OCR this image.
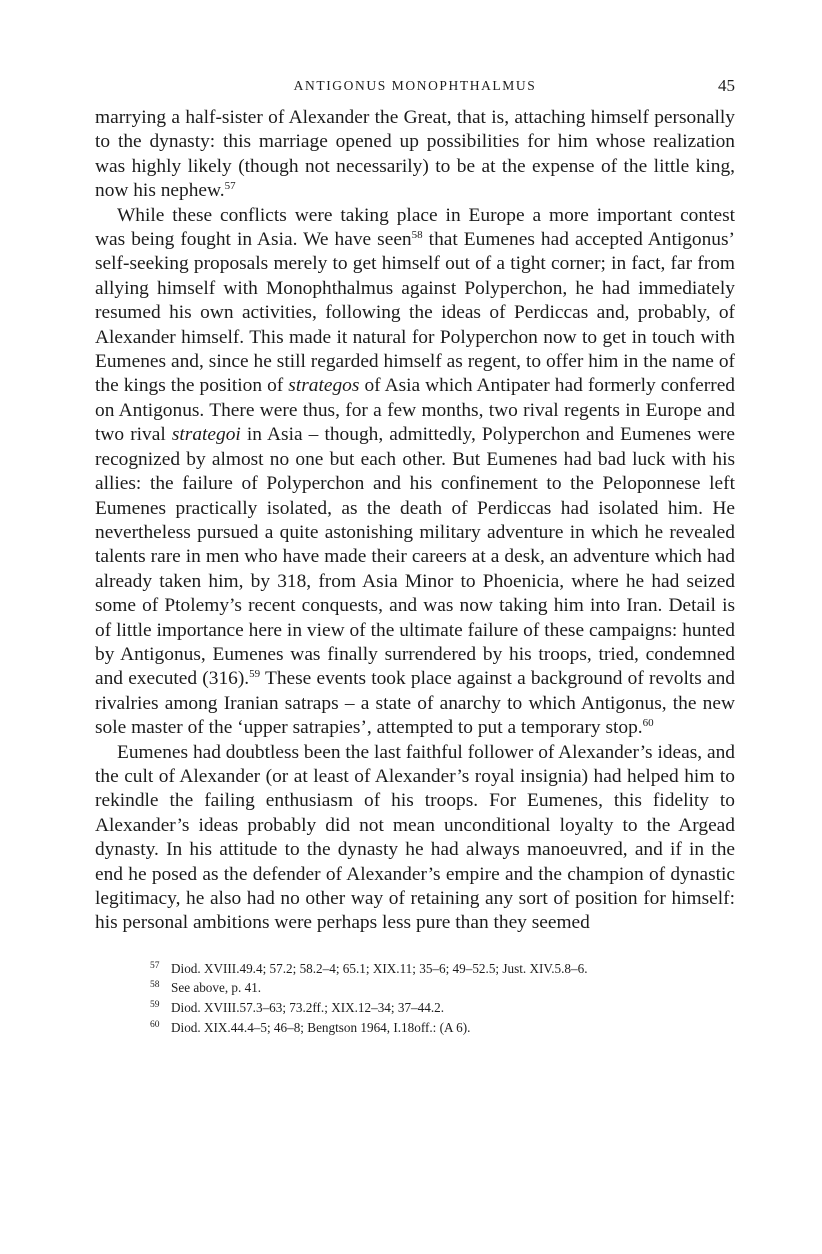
ANTIGONUS MONOPHTHALMUS	45

marrying a half-sister of Alexander the Great, that is, attaching himself personally to the dynasty: this marriage opened up possibilities for him whose realization was highly likely (though not necessarily) to be at the expense of the little king, now his nephew.$^{57}$

While these conflicts were taking place in Europe a more important contest was being fought in Asia. We have seen$^{58}$ that Eumenes had accepted Antigonus’ self-seeking proposals merely to get himself out of a tight corner; in fact, far from allying himself with Monophthalmus against Polyperchon, he had immediately resumed his own activities, following the ideas of Perdiccas and, probably, of Alexander himself. This made it natural for Polyperchon now to get in touch with Eumenes and, since he still regarded himself as regent, to offer him in the name of the kings the position of strategos of Asia which Antipater had formerly conferred on Antigonus. There were thus, for a few months, two rival regents in Europe and two rival strategoi in Asia – though, admittedly, Polyperchon and Eumenes were recognized by almost no one but each other. But Eumenes had bad luck with his allies: the failure of Polyperchon and his confinement to the Peloponnese left Eumenes practically isolated, as the death of Perdiccas had isolated him. He nevertheless pursued a quite astonishing military adventure in which he revealed talents rare in men who have made their careers at a desk, an adventure which had already taken him, by 318, from Asia Minor to Phoenicia, where he had seized some of Ptolemy’s recent conquests, and was now taking him into Iran. Detail is of little importance here in view of the ultimate failure of these campaigns: hunted by Antigonus, Eumenes was finally surrendered by his troops, tried, condemned and executed (316).$^{59}$ These events took place against a background of revolts and rivalries among Iranian satraps – a state of anarchy to which Antigonus, the new sole master of the ‘upper satrapies’, attempted to put a temporary stop.$^{60}$

Eumenes had doubtless been the last faithful follower of Alexander’s ideas, and the cult of Alexander (or at least of Alexander’s royal insignia) had helped him to rekindle the failing enthusiasm of his troops. For Eumenes, this fidelity to Alexander’s ideas probably did not mean unconditional loyalty to the Argead dynasty. In his attitude to the dynasty he had always manoeuvred, and if in the end he posed as the defender of Alexander’s empire and the champion of dynastic legitimacy, he also had no other way of retaining any sort of position for himself: his personal ambitions were perhaps less pure than they seemed

57 Diod. XVIII.49.4; 57.2; 58.2–4; 65.1; XIX.11; 35–6; 49–52.5; Just. XIV.5.8–6.
58 See above, p. 41.
59 Diod. XVIII.57.3–63; 73.2ff.; XIX.12–34; 37–44.2.
60 Diod. XIX.44.4–5; 46–8; Bengtson 1964, I.18off.: (A 6).
